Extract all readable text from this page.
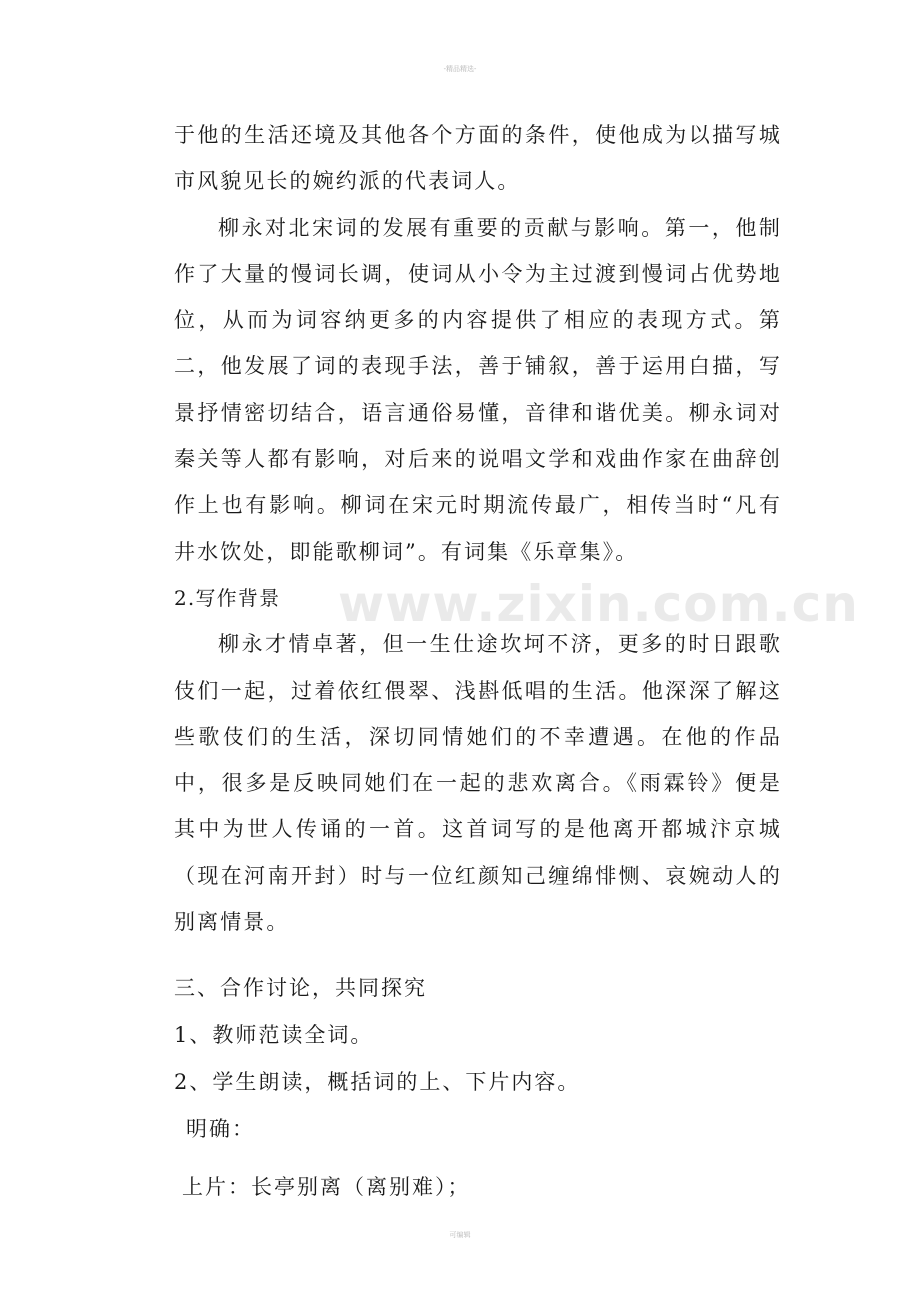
-精品精选-
www.zixin.com.cn

于他的生活还境及其他各个方面的条件，使他成为以描写城市风貌见长的婉约派的代表词人。

柳永对北宋词的发展有重要的贡献与影响。第一，他制作了大量的慢词长调，使词从小令为主过渡到慢词占优势地位，从而为词容纳更多的内容提供了相应的表现方式。第二，他发展了词的表现手法，善于铺叙，善于运用白描，写景抒情密切结合，语言通俗易懂，音律和谐优美。柳永词对秦关等人都有影响，对后来的说唱文学和戏曲作家在曲辞创作上也有影响。柳词在宋元时期流传最广，相传当时“凡有井水饮处，即能歌柳词”。有词集《乐章集》。

2.写作背景

柳永才情卓著，但一生仕途坎坷不济，更多的时日跟歌伎们一起，过着依红偎翠、浅斟低唱的生活。他深深了解这些歌伎们的生活，深切同情她们的不幸遭遇。在他的作品中，很多是反映同她们在一起的悲欢离合。《雨霖铃》便是其中为世人传诵的一首。这首词写的是他离开都城汴京城（现在河南开封）时与一位红颜知己缠绵悱恻、哀婉动人的别离情景。

三、合作讨论，共同探究

1、教师范读全词。

2、学生朗读，概括词的上、下片内容。

明确：

上片：长亭别离（离别难）；

可编辑
